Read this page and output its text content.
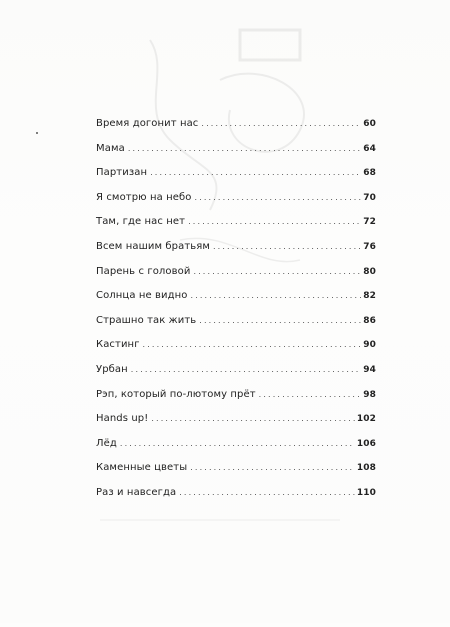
Время догонит нас . . .	60
Мама . . .	64
Партизан . . .	68
Я смотрю на небо . . .	70
Там, где нас нет . . .	72
Всем нашим братьям . . .	76
Парень с головой . . .	80
Солнца не видно . . .	82
Страшно так жить . . .	86
Кастинг . . .	90
Урбан . . .	94
Рэп, который по-лютому прёт . . .	98
Hands up! . . .	102
Лёд . . .	106
Каменные цветы . . .	108
Раз и навсегда . . .	110
